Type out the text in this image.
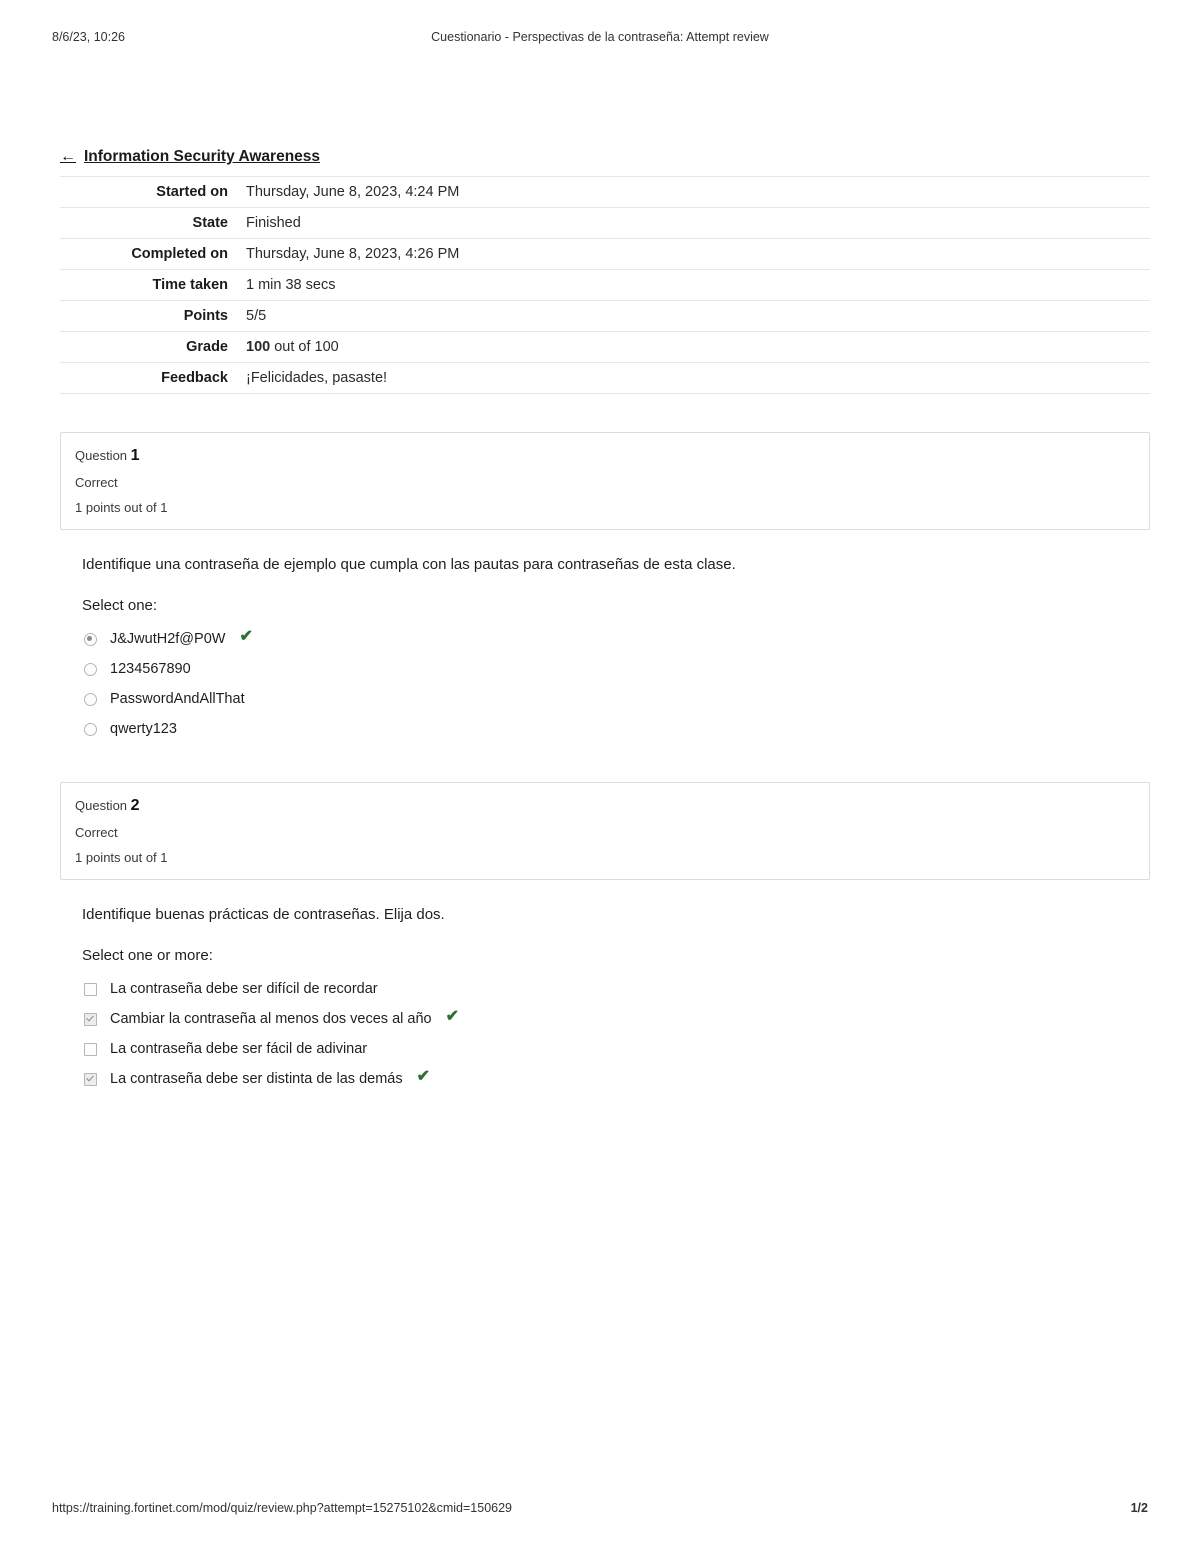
8/6/23, 10:26	Cuestionario - Perspectivas de la contraseña: Attempt review
← Information Security Awareness
Started on	Thursday, June 8, 2023, 4:24 PM
State	Finished
Completed on	Thursday, June 8, 2023, 4:26 PM
Time taken	1 min 38 secs
Points	5/5
Grade	100 out of 100
Feedback	¡Felicidades, pasaste!
Question 1
Correct
1 points out of 1
Identifique una contraseña de ejemplo que cumpla con las pautas para contraseñas de esta clase.
Select one:
J&JwutH2f@P0W ✔
1234567890
PasswordAndAllThat
qwerty123
Question 2
Correct
1 points out of 1
Identifique buenas prácticas de contraseñas. Elija dos.
Select one or more:
La contraseña debe ser difícil de recordar
Cambiar la contraseña al menos dos veces al año ✔
La contraseña debe ser fácil de adivinar
La contraseña debe ser distinta de las demás ✔
https://training.fortinet.com/mod/quiz/review.php?attempt=15275102&cmid=150629	1/2
